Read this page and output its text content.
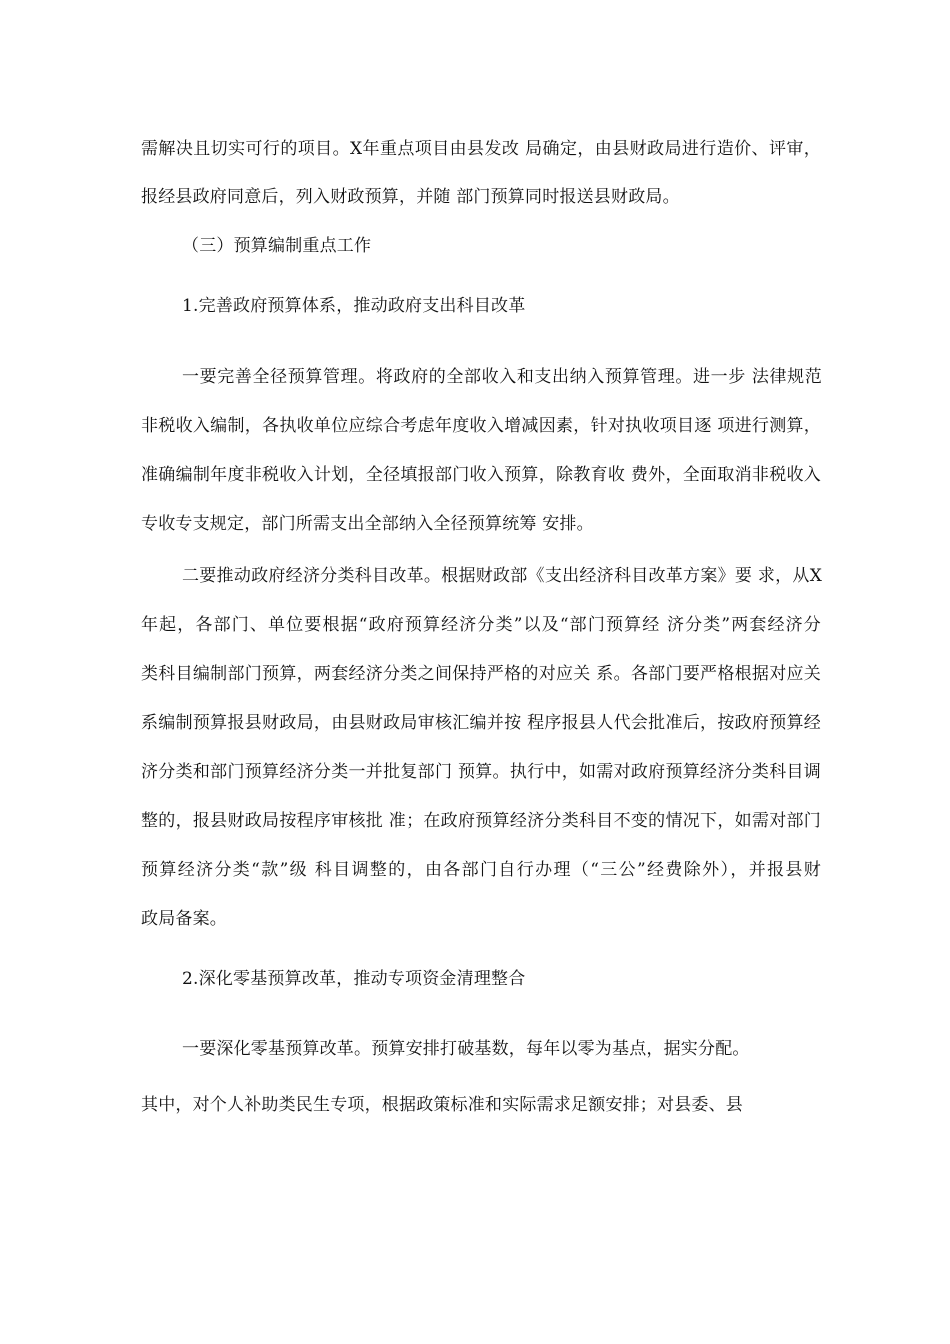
需解决且切实可行的项目。X年重点项目由县发改 局确定，由县财政局进行造价、评审，
报经县政府同意后，列入财政预算，并随 部门预算同时报送县财政局。
（三）预算编制重点工作
1.完善政府预算体系，推动政府支出科目改革
一要完善全径预算管理。将政府的全部收入和支出纳入预算管理。进一步 法律规范
非税收入编制，各执收单位应综合考虑年度收入增减因素，针对执收项目逐 项进行测算，
准确编制年度非税收入计划，全径填报部门收入预算，除教育收 费外，全面取消非税收入
专收专支规定，部门所需支出全部纳入全径预算统筹 安排。
二要推动政府经济分类科目改革。根据财政部《支出经济科目改革方案》要 求，从X
年起，各部门、单位要根据“政府预算经济分类”以及“部门预算经 济分类”两套经济分
类科目编制部门预算，两套经济分类之间保持严格的对应关 系。各部门要严格根据对应关
系编制预算报县财政局，由县财政局审核汇编并按 程序报县人代会批准后，按政府预算经
济分类和部门预算经济分类一并批复部门 预算。执行中，如需对政府预算经济分类科目调
整的，报县财政局按程序审核批 准；在政府预算经济分类科目不变的情况下，如需对部门
预算经济分类“款”级 科目调整的，由各部门自行办理（“三公”经费除外），并报县财
政局备案。
2.深化零基预算改革，推动专项资金清理整合
一要深化零基预算改革。预算安排打破基数，每年以零为基点，据实分配。
其中，对个人补助类民生专项，根据政策标准和实际需求足额安排；对县委、县
